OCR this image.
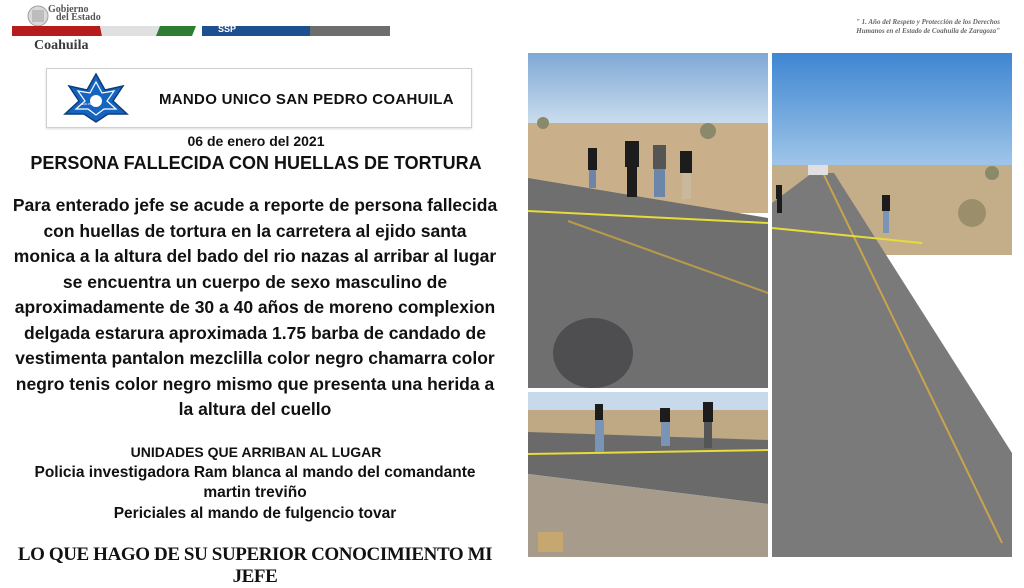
Gobierno
del Estado
SSP
Coahuila
" 1. Año del Respeto y Protección de los Derechos
Humanos en el Estado de Coahuila de Zaragoza"
SAN PEDRO	MANDO UNICO SAN PEDRO COAHUILA
06 de enero del 2021
PERSONA FALLECIDA CON HUELLAS DE TORTURA
Para enterado jefe se acude a reporte de persona fallecida
con huellas de tortura en la carretera al ejido santa
monica a la altura del bado del rio nazas al arribar al lugar
se encuentra un cuerpo de sexo masculino de
aproximadamente de 30 a 40 años de moreno complexion
delgada estarura aproximada 1.75 barba de candado de
vestimenta pantalon mezclilla color negro chamarra color
negro tenis color negro mismo que presenta una herida a
la altura del cuello
UNIDADES QUE ARRIBAN AL LUGAR
Policia investigadora Ram blanca al mando del comandante
martin treviño
Periciales al mando de fulgencio tovar
LO QUE HAGO DE SU SUPERIOR CONOCIMIENTO MI JEFE
